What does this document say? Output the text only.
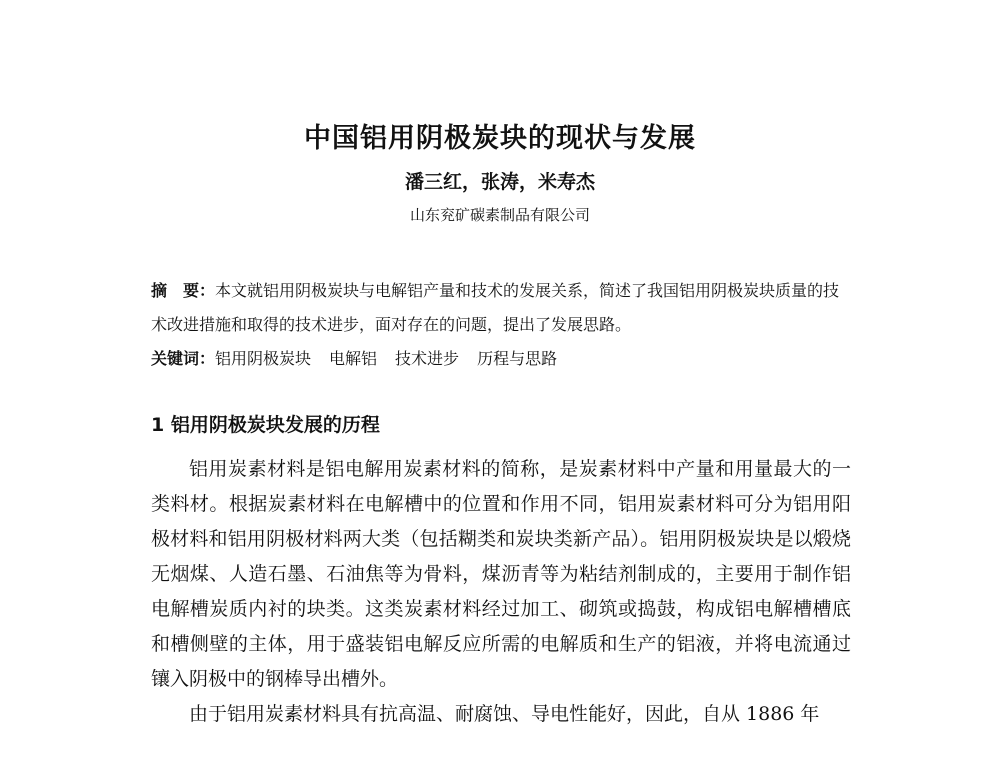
中国铝用阴极炭块的现状与发展
潘三红，张涛，米寿杰
山东兖矿碳素制品有限公司

摘　要：本文就铝用阴极炭块与电解铝产量和技术的发展关系，简述了我国铝用阴极炭块质量的技术改进措施和取得的技术进步，面对存在的问题，提出了发展思路。

关键词：铝用阴极炭块 电解铝 技术进步 历程与思路

1 铝用阴极炭块发展的历程

铝用炭素材料是铝电解用炭素材料的简称，是炭素材料中产量和用量最大的一类料材。根据炭素材料在电解槽中的位置和作用不同，铝用炭素材料可分为铝用阳极材料和铝用阴极材料两大类（包括糊类和炭块类新产品）。铝用阴极炭块是以煅烧无烟煤、人造石墨、石油焦等为骨料，煤沥青等为粘结剂制成的，主要用于制作铝电解槽炭质内衬的块类。这类炭素材料经过加工、砌筑或捣鼓，构成铝电解槽槽底和槽侧壁的主体，用于盛装铝电解反应所需的电解质和生产的铝液，并将电流通过镶入阴极中的钢棒导出槽外。

由于铝用炭素材料具有抗高温、耐腐蚀、导电性能好，因此，自从 1886 年
